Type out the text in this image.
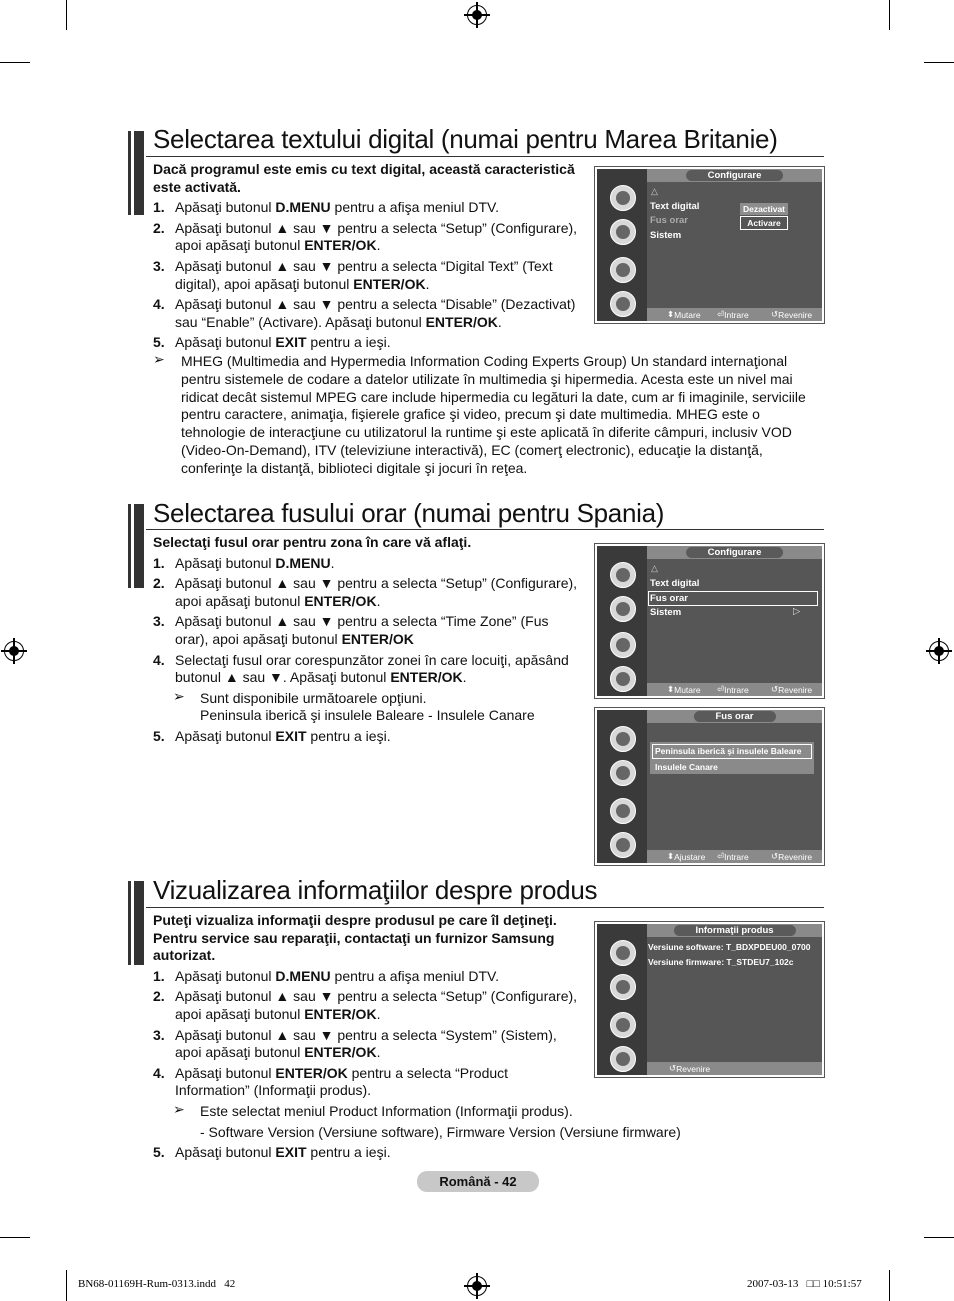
Selectarea textului digital (numai pentru Marea Britanie)

Dacă programul este emis cu text digital, această caracteristică este activată.

1. Apăsaţi butonul D.MENU pentru a afişa meniul DTV.
2. Apăsaţi butonul ▲ sau ▼ pentru a selecta “Setup” (Configurare), apoi apăsaţi butonul ENTER/OK.
3. Apăsaţi butonul ▲ sau ▼ pentru a selecta “Digital Text” (Text digital), apoi apăsaţi butonul ENTER/OK.
4. Apăsaţi butonul ▲ sau ▼ pentru a selecta “Disable” (Dezactivat) sau “Enable” (Activare). Apăsaţi butonul ENTER/OK.
5. Apăsaţi butonul EXIT pentru a ieşi.
➢ MHEG (Multimedia and Hypermedia Information Coding Experts Group) Un standard internaţional pentru sistemele de codare a datelor utilizate în multimedia şi hipermedia. Acesta este un nivel mai ridicat decât sistemul MPEG care include hipermedia cu legături la date, cum ar fi imaginile, serviciile pentru caractere, animaţia, fişierele grafice şi video, precum şi date multimedia. MHEG este o tehnologie de interacţiune cu utilizatorul la runtime şi este aplicată în diferite câmpuri, inclusiv VOD (Video-On-Demand), ITV (televiziune interactivă), EC (comerţ electronic), educaţie la distanţă, conferinţe la distanţă, biblioteci digitale şi jocuri în reţea.
Configurare
△
Text digital
Fus orar
Sistem
Dezactivat
Activare
⬍ Mutare ⏎ Intrare	↺ Revenire
Selectarea fusului orar (numai pentru Spania)

Selectaţi fusul orar pentru zona în care vă aflaţi.

1. Apăsaţi butonul D.MENU.
2. Apăsaţi butonul ▲ sau ▼ pentru a selecta “Setup” (Configurare), apoi apăsaţi butonul ENTER/OK.
3. Apăsaţi butonul ▲ sau ▼ pentru a selecta “Time Zone” (Fus orar), apoi apăsaţi butonul ENTER/OK
4. Selectaţi fusul orar corespunzător zonei în care locuiţi, apăsând butonul ▲ sau ▼. Apăsaţi butonul ENTER/OK.
➢ Sunt disponibile următoarele opţiuni.
Peninsula iberică şi insulele Baleare - Insulele Canare
5. Apăsaţi butonul EXIT pentru a ieşi.
Configurare
△
Text digital
Fus orar
Sistem	▷
⬍ Mutare ⏎ Intrare	↺ Revenire
Fus orar
Peninsula iberică şi insulele Baleare
Insulele Canare
⬍ Ajustare ⏎ Intrare	↺ Revenire
Vizualizarea informaţiilor despre produs

Puteţi vizualiza informaţii despre produsul pe care îl deţineţi. Pentru service sau reparaţii, contactaţi un furnizor Samsung autorizat.

1. Apăsaţi butonul D.MENU pentru a afişa meniul DTV.
2. Apăsaţi butonul ▲ sau ▼ pentru a selecta “Setup” (Configurare), apoi apăsaţi butonul ENTER/OK.
3. Apăsaţi butonul ▲ sau ▼ pentru a selecta “System” (Sistem), apoi apăsaţi butonul ENTER/OK.
4. Apăsaţi butonul ENTER/OK pentru a selecta “Product Information” (Informaţii produs).
➢ Este selectat meniul Product Information (Informaţii produs).
- Software Version (Versiune software), Firmware Version (Versiune firmware)
5. Apăsaţi butonul EXIT pentru a ieşi.
Informaţii produs
Versiune software: T_BDXPDEU00_0700
Versiune firmware: T_STDEU7_102c
↺ Revenire
Română - 42
BN68-01169H-Rum-0313.indd   42	2007-03-13   □□ 10:51:57
